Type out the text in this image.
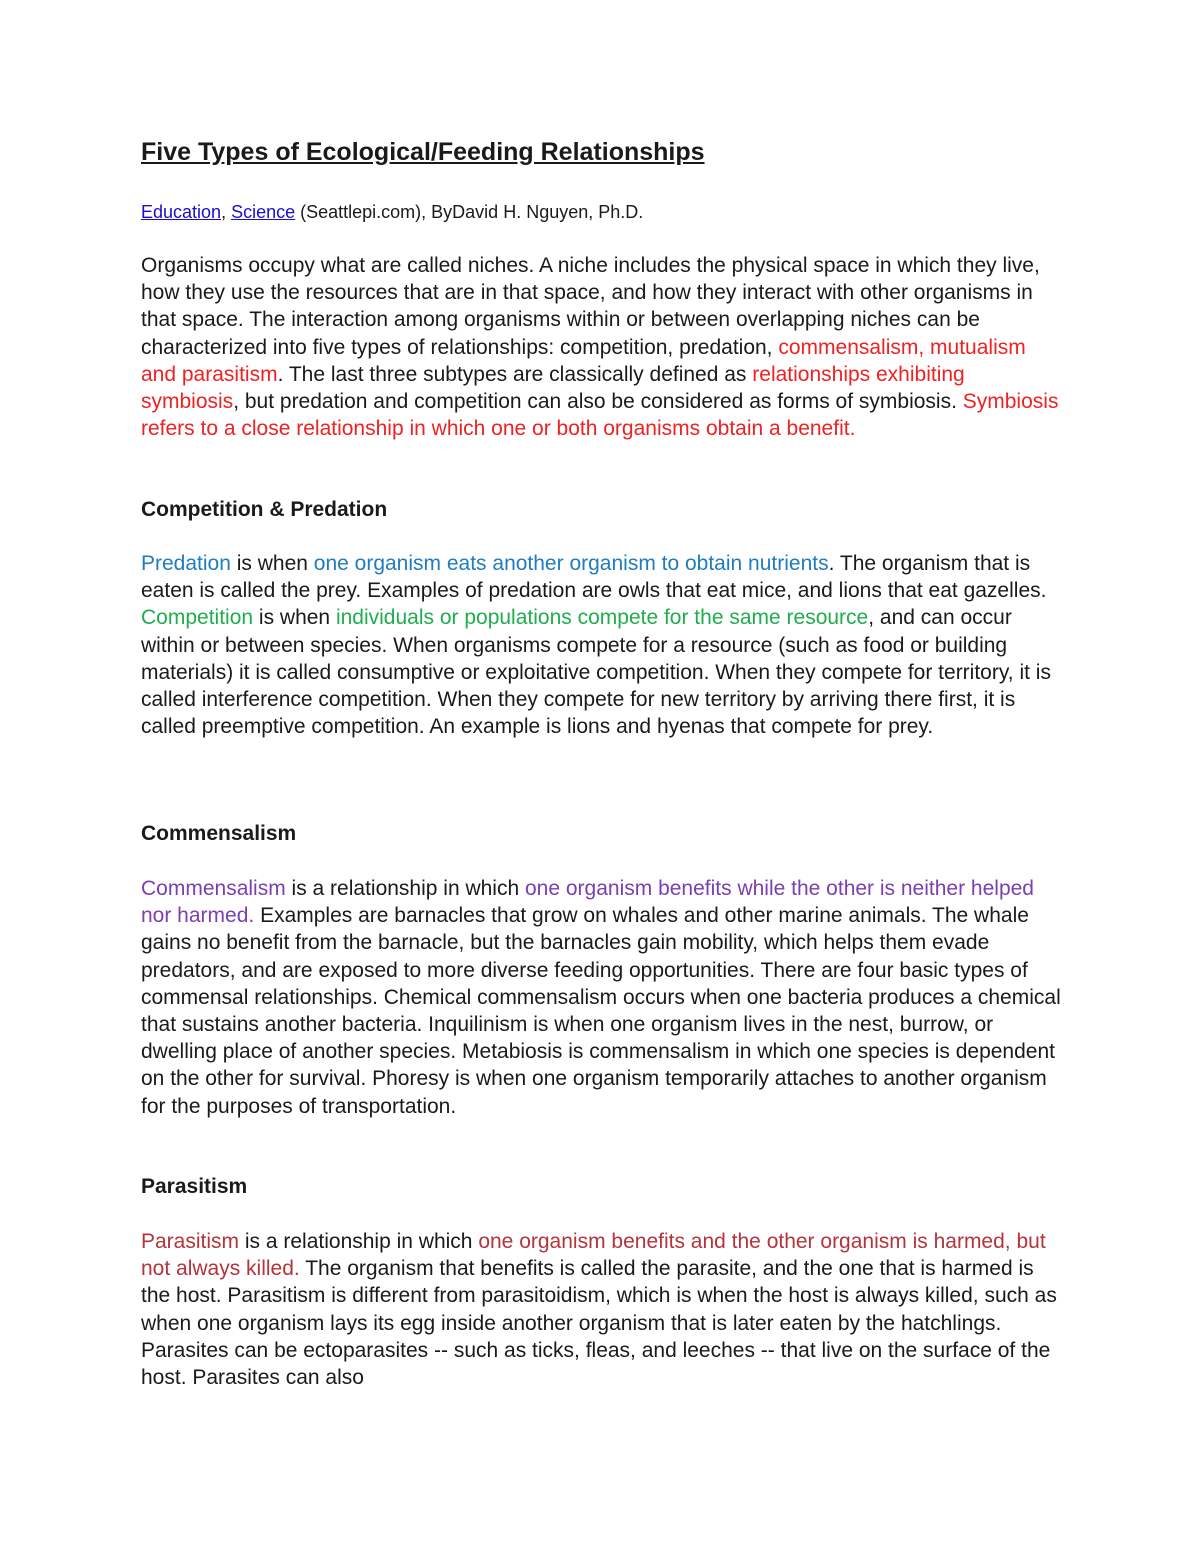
Five Types of Ecological/Feeding Relationships

Education, Science (Seattlepi.com), ByDavid H. Nguyen, Ph.D.

Organisms occupy what are called niches. A niche includes the physical space in which they live, how they use the resources that are in that space, and how they interact with other organisms in that space. The interaction among organisms within or between overlapping niches can be characterized into five types of relationships: competition, predation, commensalism, mutualism and parasitism. The last three subtypes are classically defined as relationships exhibiting symbiosis, but predation and competition can also be considered as forms of symbiosis. Symbiosis refers to a close relationship in which one or both organisms obtain a benefit.

Competition & Predation

Predation is when one organism eats another organism to obtain nutrients. The organism that is eaten is called the prey. Examples of predation are owls that eat mice, and lions that eat gazelles. Competition is when individuals or populations compete for the same resource, and can occur within or between species. When organisms compete for a resource (such as food or building materials) it is called consumptive or exploitative competition. When they compete for territory, it is called interference competition. When they compete for new territory by arriving there first, it is called preemptive competition. An example is lions and hyenas that compete for prey.

Commensalism

Commensalism is a relationship in which one organism benefits while the other is neither helped nor harmed. Examples are barnacles that grow on whales and other marine animals. The whale gains no benefit from the barnacle, but the barnacles gain mobility, which helps them evade predators, and are exposed to more diverse feeding opportunities. There are four basic types of commensal relationships. Chemical commensalism occurs when one bacteria produces a chemical that sustains another bacteria. Inquilinism is when one organism lives in the nest, burrow, or dwelling place of another species. Metabiosis is commensalism in which one species is dependent on the other for survival. Phoresy is when one organism temporarily attaches to another organism for the purposes of transportation.

Parasitism

Parasitism is a relationship in which one organism benefits and the other organism is harmed, but not always killed. The organism that benefits is called the parasite, and the one that is harmed is the host. Parasitism is different from parasitoidism, which is when the host is always killed, such as when one organism lays its egg inside another organism that is later eaten by the hatchlings. Parasites can be ectoparasites -- such as ticks, fleas, and leeches -- that live on the surface of the host. Parasites can also
